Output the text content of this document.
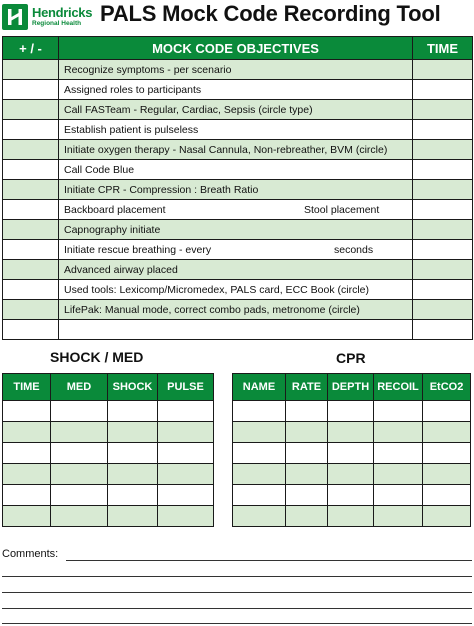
Hendricks
Regional Health PALS Mock Code Recording Tool
+ / -	MOCK CODE OBJECTIVES	TIME
	Recognize symptoms - per scenario	
	Assigned roles to participants	
	Call FASTeam - Regular, Cardiac, Sepsis (circle type)	
	Establish patient is pulseless	
	Initiate oxygen therapy - Nasal Cannula, Non-rebreather, BVM (circle)	
	Call Code Blue	
	Initiate CPR - Compression : Breath Ratio	
	Backboard placement Stool placement	

	Capnography initiate	
	Initiate rescue breathing - every seconds	

	Advanced airway placed	
	Used tools: Lexicomp/Micromedex, PALS card, ECC Book (circle)	
	LifePak: Manual mode, correct combo pads, metronome (circle)	

SHOCK / MED	CPR
TIME	MED	SHOCK	PULSE

				NAME	RATE	DEPTH	RECOIL	EtCO2

Comments:
